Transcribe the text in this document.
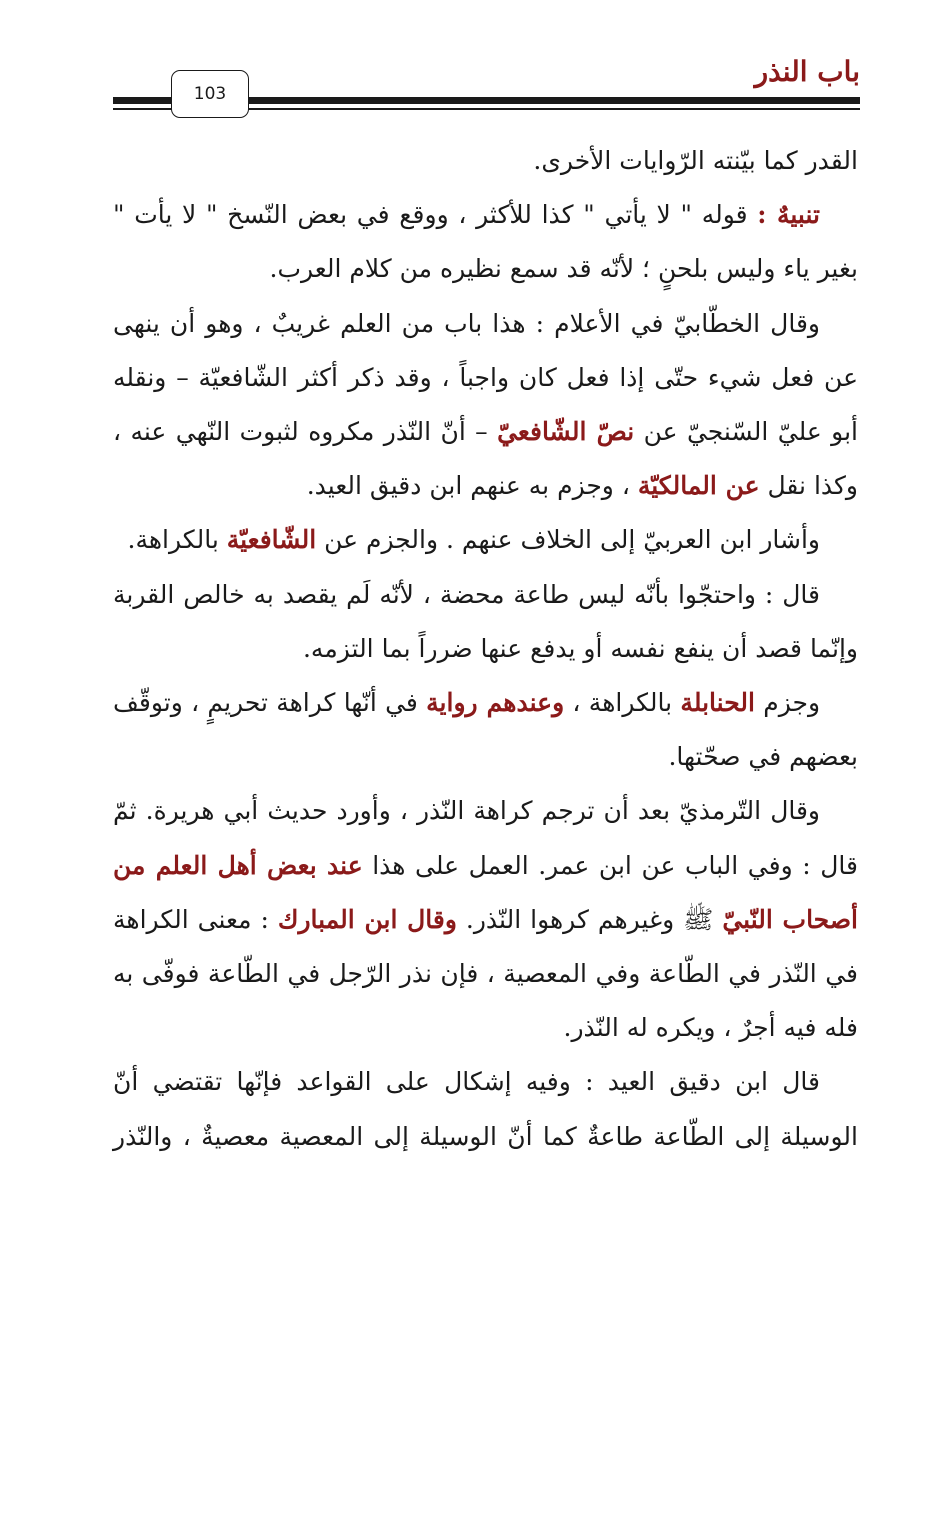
باب النذر
103

القدر كما بيّنته الرّوايات الأخرى.

تنبيهٌ : قوله " لا يأتي " كذا للأكثر ، ووقع في بعض النّسخ " لا يأت " بغير ياء وليس بلحنٍ ؛ لأنّه قد سمع نظيره من كلام العرب.

وقال الخطّابيّ في الأعلام : هذا باب من العلم غريبٌ ، وهو أن ينهى عن فعل شيء حتّى إذا فعل كان واجباً ، وقد ذكر أكثر الشّافعيّة – ونقله أبو عليّ السّنجيّ عن نصّ الشّافعيّ – أنّ النّذر مكروه لثبوت النّهي عنه ، وكذا نقل عن المالكيّة ، وجزم به عنهم ابن دقيق العيد.

وأشار ابن العربيّ إلى الخلاف عنهم . والجزم عن الشّافعيّة بالكراهة.

قال : واحتجّوا بأنّه ليس طاعة محضة ، لأنّه لَم يقصد به خالص القربة وإنّما قصد أن ينفع نفسه أو يدفع عنها ضرراً بما التزمه.

وجزم الحنابلة بالكراهة ، وعندهم رواية في أنّها كراهة تحريمٍ ، وتوقّف بعضهم في صحّتها.

وقال التّرمذيّ بعد أن ترجم كراهة النّذر ، وأورد حديث أبي هريرة. ثمّ قال : وفي الباب عن ابن عمر. العمل على هذا عند بعض أهل العلم من أصحاب النّبيّ ﷺ وغيرهم كرهوا النّذر. وقال ابن المبارك : معنى الكراهة في النّذر في الطّاعة وفي المعصية ، فإن نذر الرّجل في الطّاعة فوفّى به فله فيه أجرٌ ، ويكره له النّذر.

قال ابن دقيق العيد : وفيه إشكال على القواعد فإنّها تقتضي أنّ الوسيلة إلى الطّاعة طاعةٌ كما أنّ الوسيلة إلى المعصية معصيةٌ ، والنّذر
